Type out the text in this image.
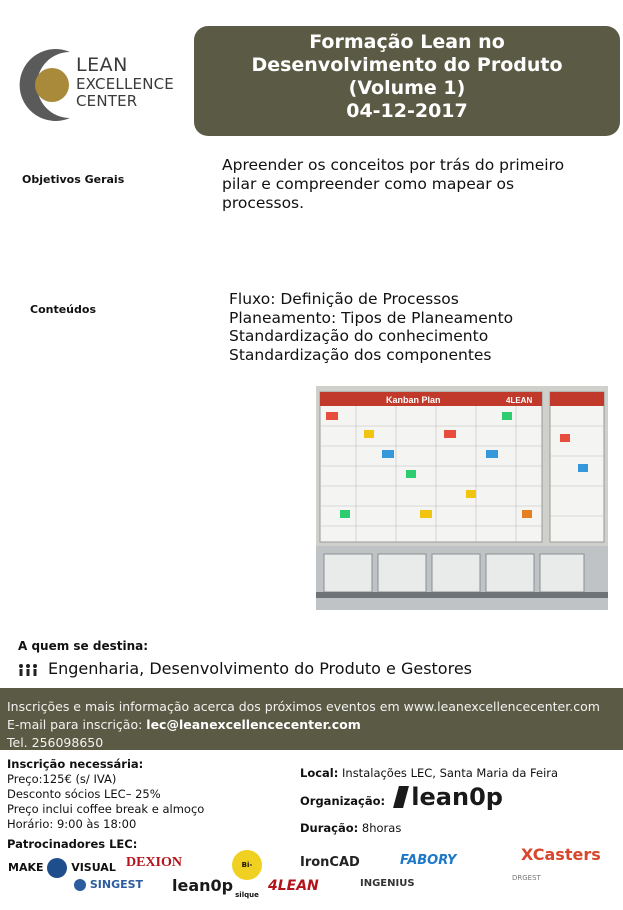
LEAN
EXCELLENCE
CENTER
Formação Lean no
Desenvolvimento do Produto
(Volume 1)
04-12-2017
Objetivos Gerais
Apreender os conceitos por trás do primeiro
pilar e compreender como mapear os
processos.
Conteúdos
Fluxo: Definição de Processos
Planeamento: Tipos de Planeamento
Standardização do conhecimento
Standardização dos componentes
Kanban Plan	4LEAN
A quem se destina:
Engenharia, Desenvolvimento do Produto e Gestores
Inscrições e mais informação acerca dos próximos eventos em www.leanexcellencecenter.com
E-mail para inscrição: lec@leanexcellencecenter.com
Tel. 256098650
Inscrição necessária:
Preço:125€ (s/ IVA)
Desconto sócios LEC– 25%
Preço inclui coffee break e almoço
Horário: 9:00 às 18:00
Local: Instalações LEC, Santa Maria da Feira
$_{Organização:}$ lean0p
Duração: 8horas
Patrocinadores LEC:
MAKE	VISUAL DEXION	Bi-silque
IronCAD	FABORY	XCasters
SINGEST lean0p 4LEAN	INGENIUS	DRGEST
